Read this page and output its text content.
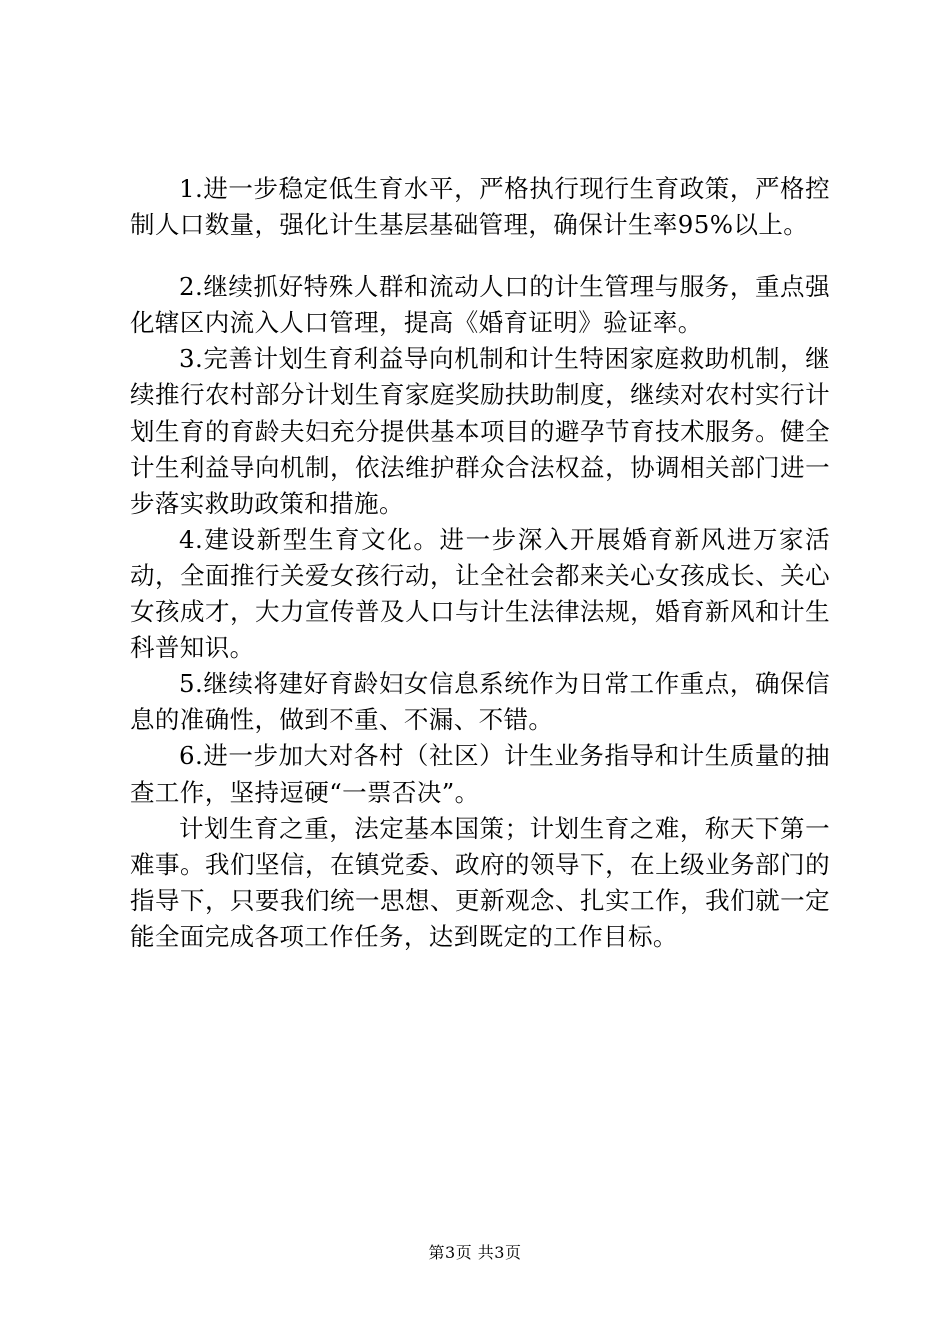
1.进一步稳定低生育水平，严格执行现行生育政策，严格控制人口数量，强化计生基层基础管理，确保计生率95%以上。

2.继续抓好特殊人群和流动人口的计生管理与服务，重点强化辖区内流入人口管理，提高《婚育证明》验证率。

3.完善计划生育利益导向机制和计生特困家庭救助机制，继续推行农村部分计划生育家庭奖励扶助制度，继续对农村实行计划生育的育龄夫妇充分提供基本项目的避孕节育技术服务。健全计生利益导向机制，依法维护群众合法权益，协调相关部门进一步落实救助政策和措施。

4.建设新型生育文化。进一步深入开展婚育新风进万家活动，全面推行关爱女孩行动，让全社会都来关心女孩成长、关心女孩成才，大力宣传普及人口与计生法律法规，婚育新风和计生科普知识。

5.继续将建好育龄妇女信息系统作为日常工作重点，确保信息的准确性，做到不重、不漏、不错。

6.进一步加大对各村（社区）计生业务指导和计生质量的抽查工作，坚持逗硬“一票否决”。

计划生育之重，法定基本国策；计划生育之难，称天下第一难事。我们坚信，在镇党委、政府的领导下，在上级业务部门的指导下，只要我们统一思想、更新观念、扎实工作，我们就一定能全面完成各项工作任务，达到既定的工作目标。

第3页 共3页
